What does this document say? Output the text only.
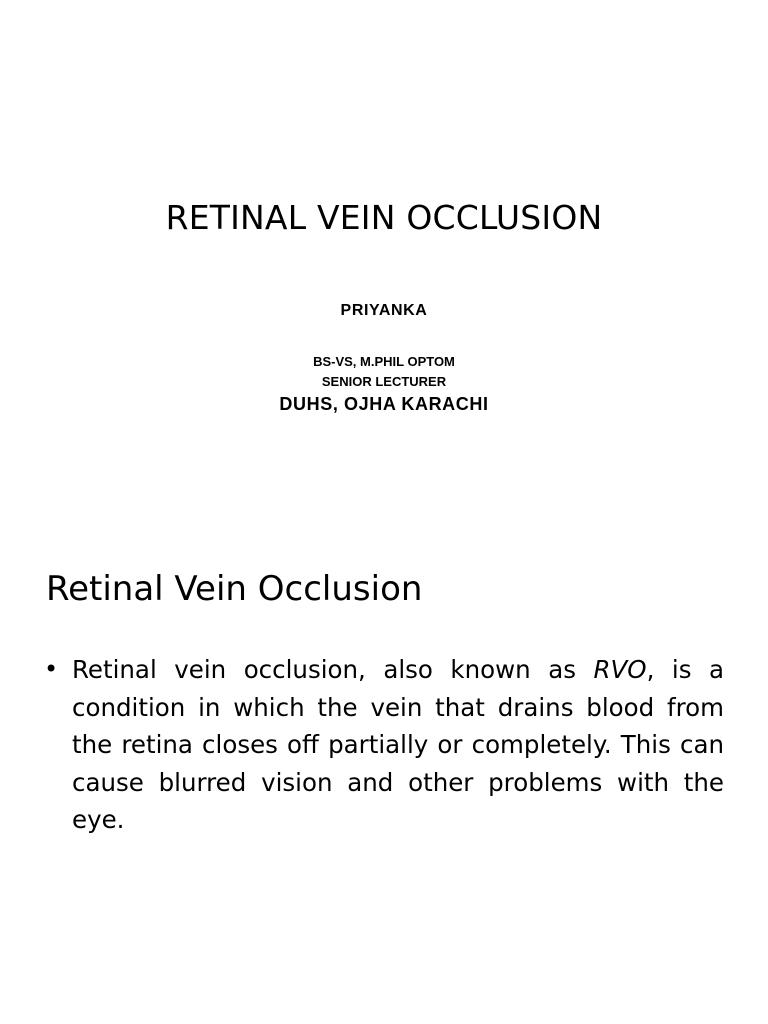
RETINAL VEIN OCCLUSION

PRIYANKA

BS-VS, M.PHIL OPTOM
SENIOR LECTURER

DUHS, OJHA KARACHI

Retinal Vein Occlusion
• Retinal vein occlusion, also known as RVO, is a condition in which the vein that drains blood from the retina closes off partially or completely. This can cause blurred vision and other problems with the eye.
